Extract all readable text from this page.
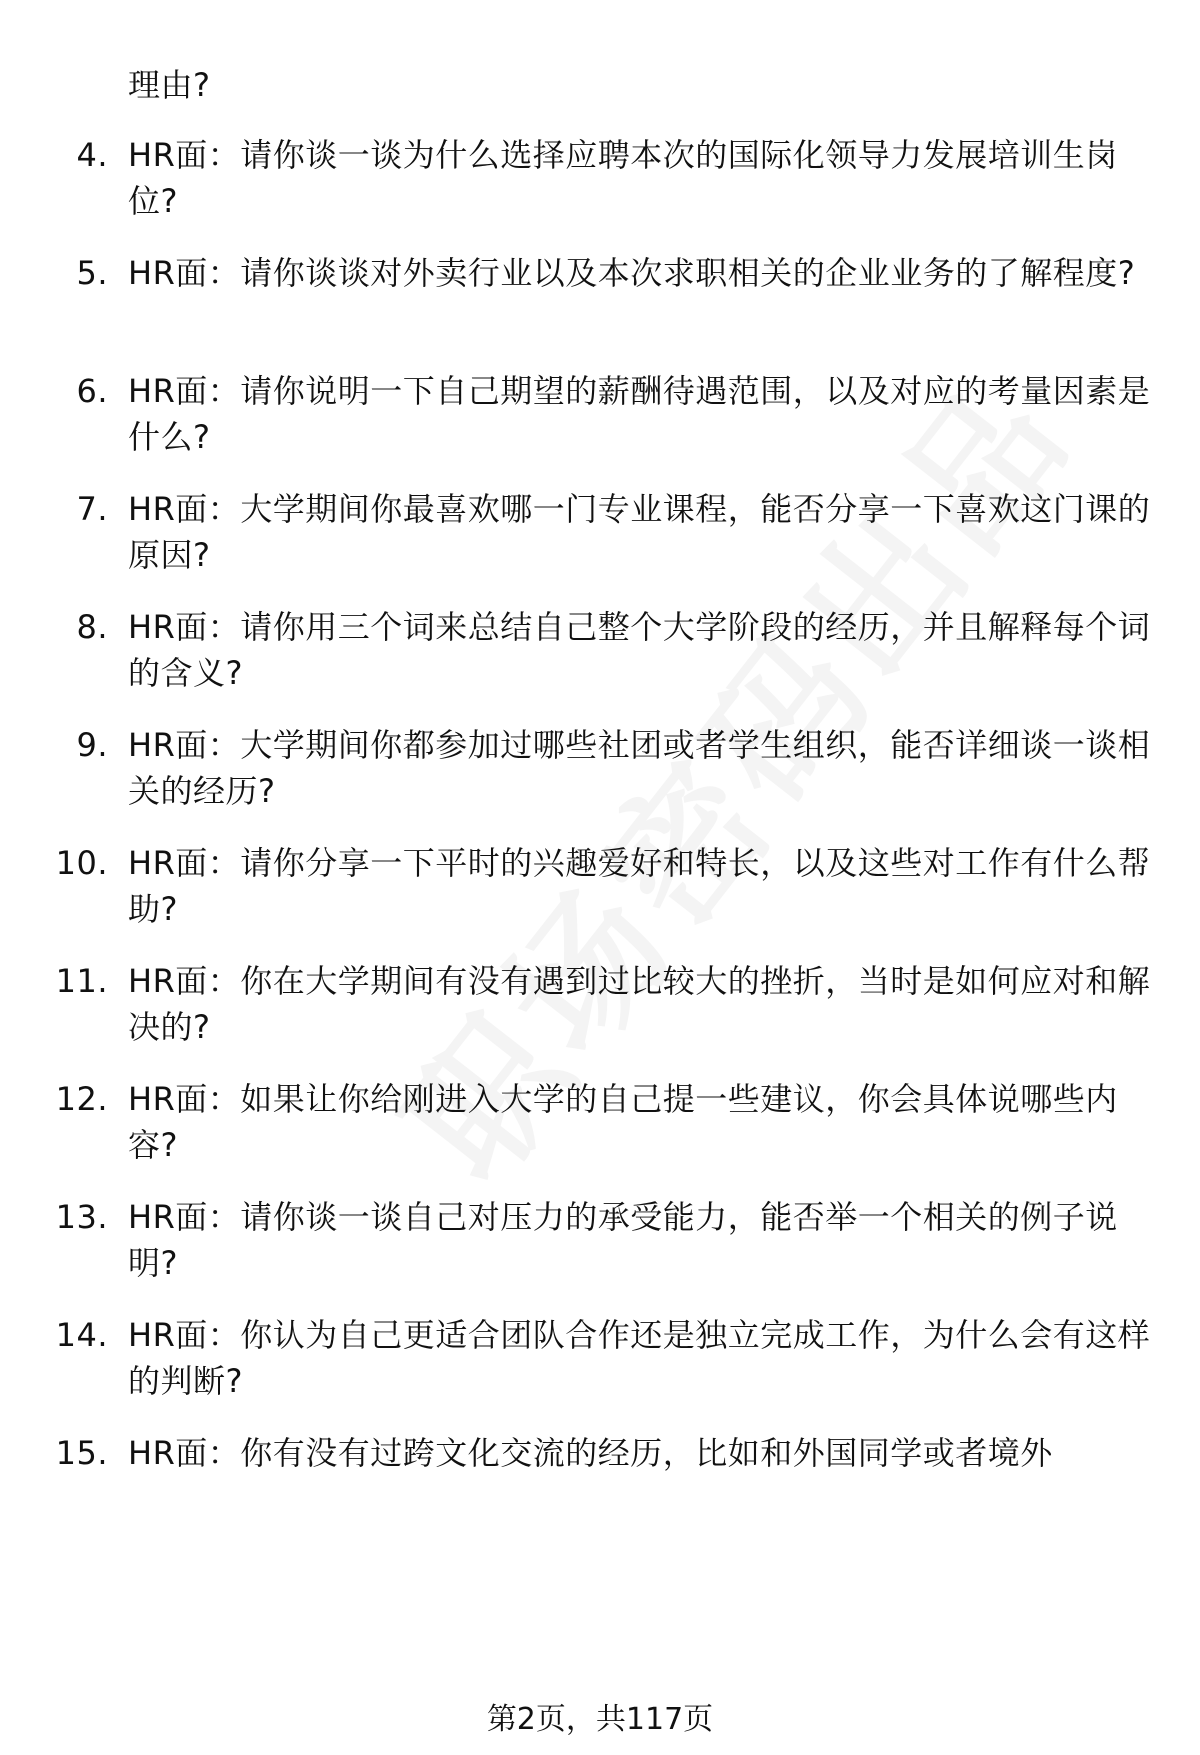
理由?
4. HR面：请你谈一谈为什么选择应聘本次的国际化领导力发展培训生岗位?
5. HR面：请你谈谈对外卖行业以及本次求职相关的企业业务的了解程度?
6. HR面：请你说明一下自己期望的薪酬待遇范围，以及对应的考量因素是什么?
7. HR面：大学期间你最喜欢哪一门专业课程，能否分享一下喜欢这门课的原因?
8. HR面：请你用三个词来总结自己整个大学阶段的经历，并且解释每个词的含义?
9. HR面：大学期间你都参加过哪些社团或者学生组织，能否详细谈一谈相关的经历?
10. HR面：请你分享一下平时的兴趣爱好和特长，以及这些对工作有什么帮助?
11. HR面：你在大学期间有没有遇到过比较大的挫折，当时是如何应对和解决的?
12. HR面：如果让你给刚进入大学的自己提一些建议，你会具体说哪些内容?
13. HR面：请你谈一谈自己对压力的承受能力，能否举一个相关的例子说明?
14. HR面：你认为自己更适合团队合作还是独立完成工作，为什么会有这样的判断?
15. HR面：你有没有过跨文化交流的经历，比如和外国同学或者境外
第2页，共117页
